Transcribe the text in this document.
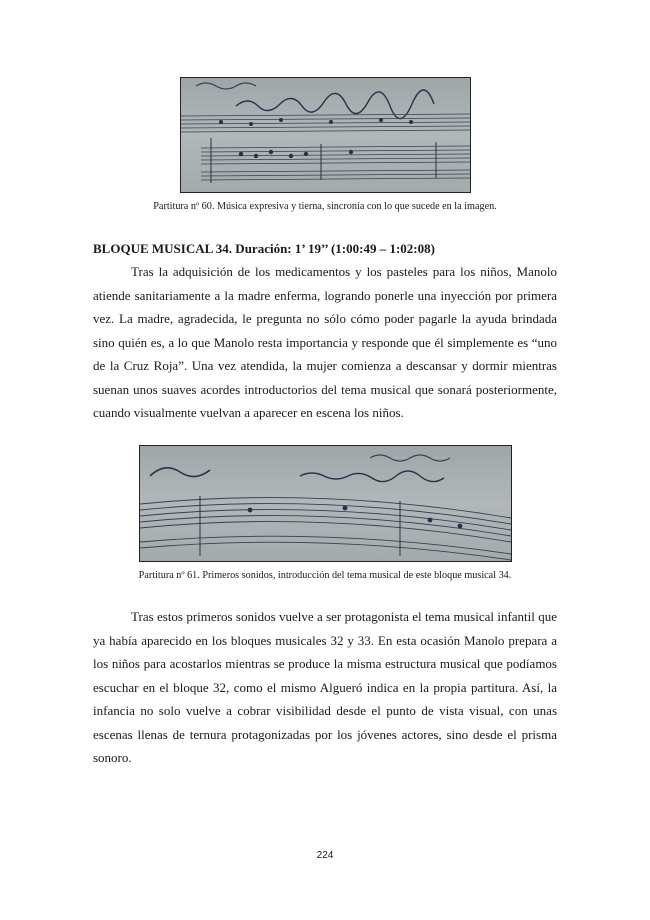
Partitura nº 60. Música expresiva y tierna, sincronía con lo que sucede en la imagen.
BLOQUE MUSICAL 34. Duración: 1’ 19’’ (1:00:49 – 1:02:08)

Tras la adquisición de los medicamentos y los pasteles para los niños, Manolo atiende sanitariamente a la madre enferma, logrando ponerle una inyección por primera vez. La madre, agradecida, le pregunta no sólo cómo poder pagarle la ayuda brindada sino quién es, a lo que Manolo resta importancia y responde que él simplemente es “uno de la Cruz Roja”. Una vez atendida, la mujer comienza a descansar y dormir mientras suenan unos suaves acordes introductorios del tema musical que sonará posteriormente, cuando visualmente vuelvan a aparecer en escena los niños.

Partitura nº 61. Primeros sonidos, introducción del tema musical de este bloque musical 34.

Tras estos primeros sonidos vuelve a ser protagonista el tema musical infantil que ya había aparecido en los bloques musicales 32 y 33. En esta ocasión Manolo prepara a los niños para acostarlos mientras se produce la misma estructura musical que podíamos escuchar en el bloque 32, como el mismo Algueró indica en la propia partitura. Así, la infancia no solo vuelve a cobrar visibilidad desde el punto de vista visual, con unas escenas llenas de ternura protagonizadas por los jóvenes actores, sino desde el prisma sonoro.

224
